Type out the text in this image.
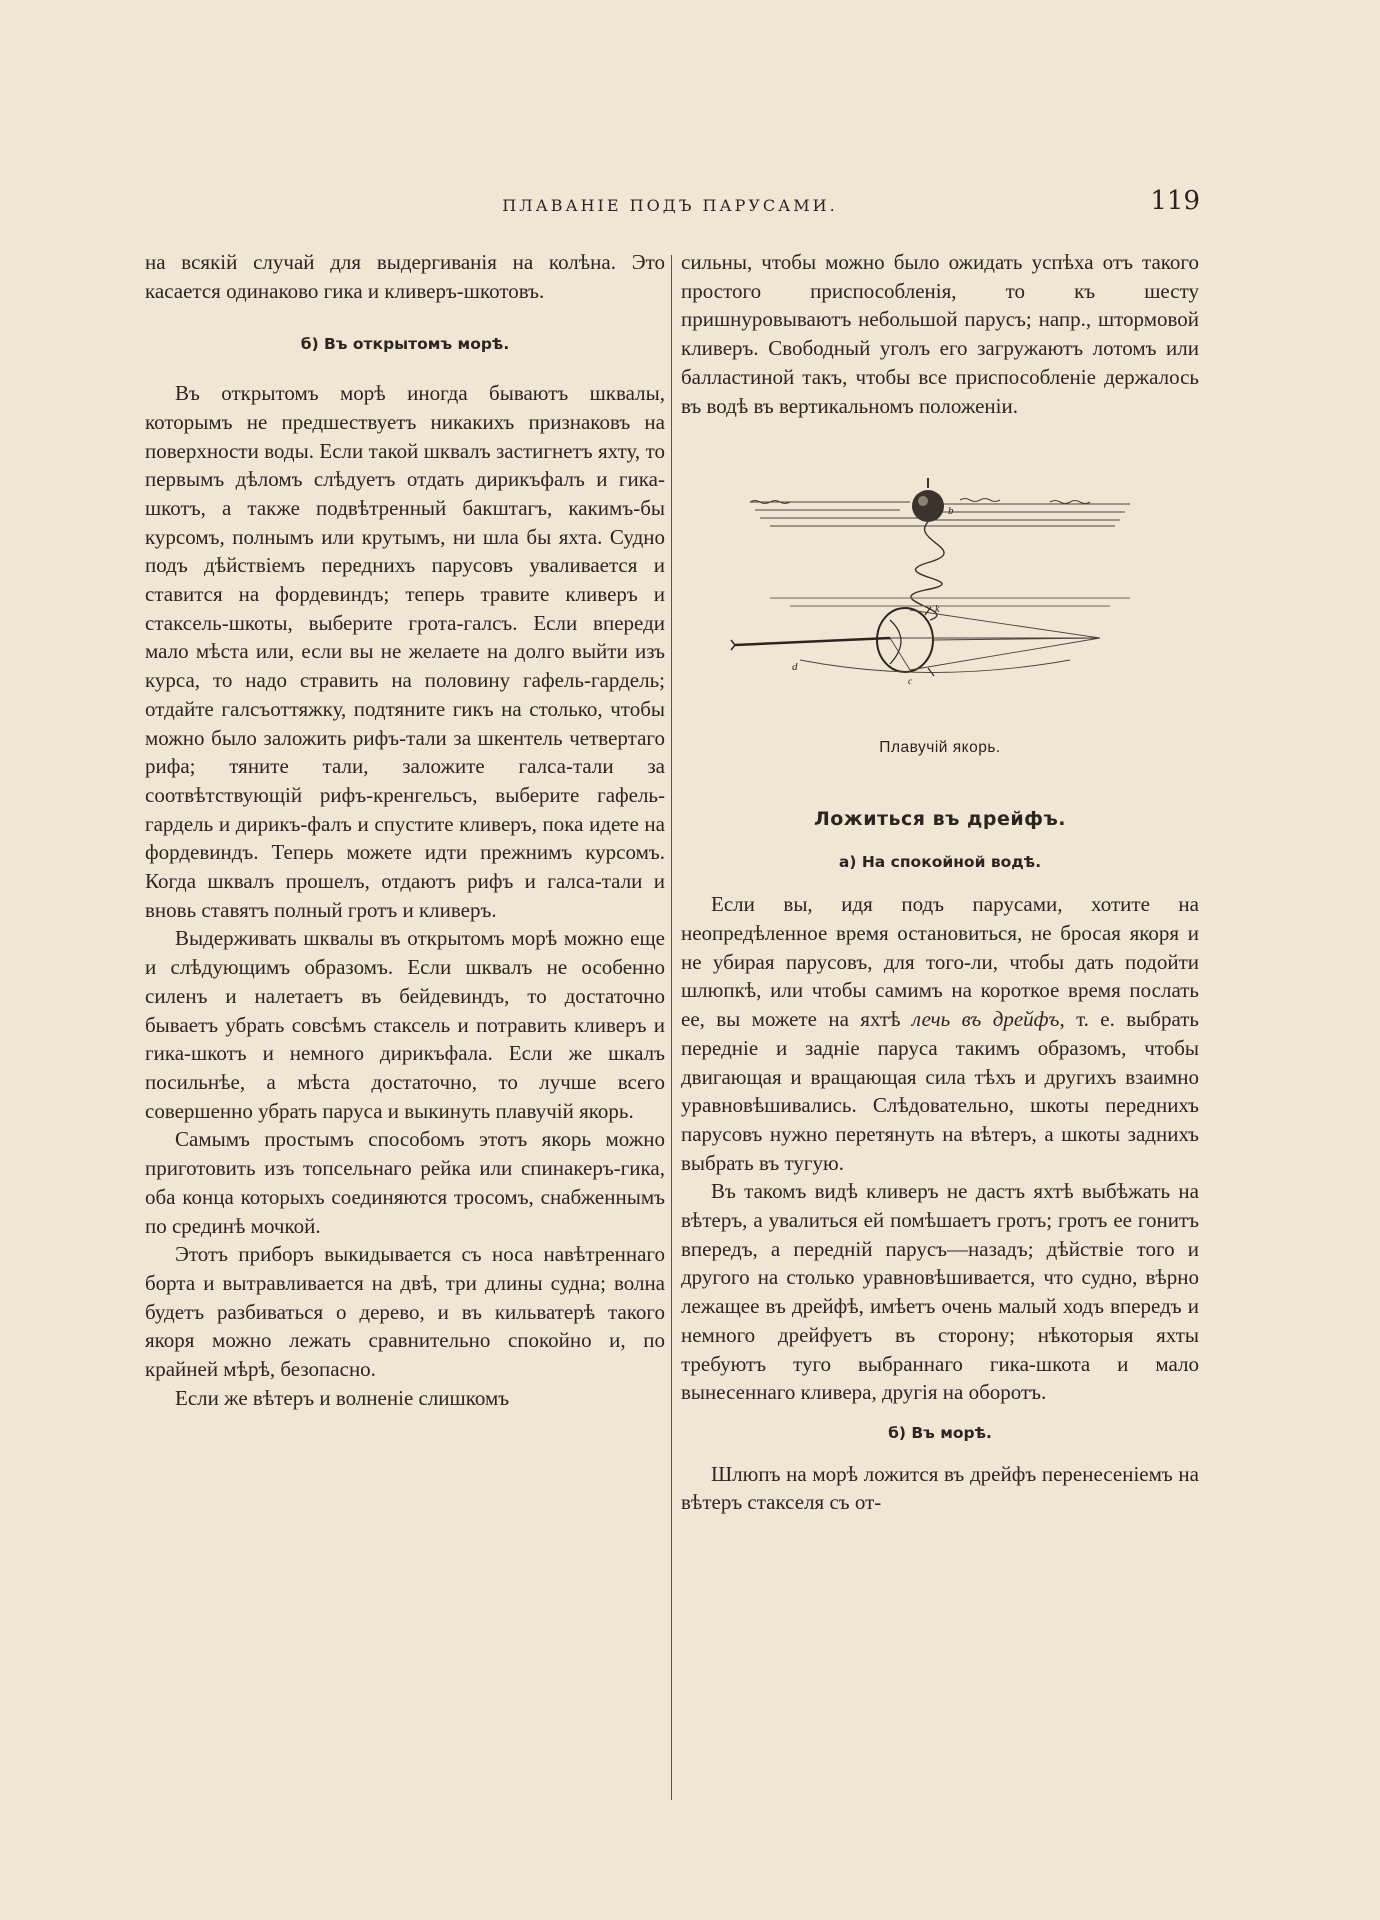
ПЛАВАНІЕ ПОДЪ ПАРУСАМИ.	119

на всякій случай для выдергиванія на колѣна. Это касается одинаково гика и кливеръ-шкотовъ.

б) Въ открытомъ морѣ.

Въ открытомъ морѣ иногда бываютъ шквалы, которымъ не предшествуетъ никакихъ признаковъ на поверхности воды. Если такой шквалъ застигнетъ яхту, то первымъ дѣломъ слѣдуетъ отдать дирикъфалъ и гика-шкотъ, а также подвѣтренный бакштагъ, какимъ-бы курсомъ, полнымъ или крутымъ, ни шла бы яхта. Судно подъ дѣйствіемъ переднихъ парусовъ уваливается и ставится на фордевиндъ; теперь травите кливеръ и стаксель-шкоты, выберите грота-галсъ. Если впереди мало мѣста или, если вы не желаете на долго выйти изъ курса, то надо стравить на половину гафель-гардель; отдайте галсъоттяжку, подтяните гикъ на столько, чтобы можно было заложить рифъ-тали за шкентель четвертаго рифа; тяните тали, заложите галса-тали за соотвѣтствующій рифъ-кренгельсъ, выберите гафель-гардель и дирикъ-фалъ и спустите кливеръ, пока идете на фордевиндъ. Теперь можете идти прежнимъ курсомъ. Когда шквалъ прошелъ, отдаютъ рифъ и галса-тали и вновь ставятъ полный гротъ и кливеръ.

Выдерживать шквалы въ открытомъ морѣ можно еще и слѣдующимъ образомъ. Если шквалъ не особенно силенъ и налетаетъ въ бейдевиндъ, то достаточно бываетъ убрать совсѣмъ стаксель и потравить кливеръ и гика-шкотъ и немного дирикъфала. Если же шкалъ посильнѣе, а мѣста достаточно, то лучше всего совершенно убрать паруса и выкинуть плавучій якорь.

Самымъ простымъ способомъ этотъ якорь можно приготовить изъ топсельнаго рейка или спинакеръ-гика, оба конца которыхъ соединяются тросомъ, снабженнымъ по срединѣ мочкой.

Этотъ приборъ выкидывается съ носа навѣтреннаго борта и вытравливается на двѣ, три длины судна; волна будетъ разбиваться о дерево, и въ кильватерѣ такого якоря можно лежать сравнительно спокойно и, по крайней мѣрѣ, безопасно.

Если же вѣтеръ и волненіе слишкомъ

сильны, чтобы можно было ожидать успѣха отъ такого простого приспособленія, то къ шесту пришнуровываютъ небольшой парусъ; напр., штормовой кливеръ. Свободный уголъ его загружаютъ лотомъ или балластиной такъ, чтобы все приспособленіе держалось въ водѣ въ вертикальномъ положеніи.

b
k
d
c
Плавучій якорь.
Ложиться въ дрейфъ.
а) На спокойной водѣ.

Если вы, идя подъ парусами, хотите на неопредѣленное время остановиться, не бросая якоря и не убирая парусовъ, для того-ли, чтобы дать подойти шлюпкѣ, или чтобы самимъ на короткое время послать ее, вы можете на яхтѣ лечь въ дрейфъ, т. е. выбрать передніе и задніе паруса такимъ образомъ, чтобы двигающая и вращающая сила тѣхъ и другихъ взаимно уравновѣшивались. Слѣдовательно, шкоты переднихъ парусовъ нужно перетянуть на вѣтеръ, а шкоты заднихъ выбрать въ тугую.

Въ такомъ видѣ кливеръ не дастъ яхтѣ выбѣжать на вѣтеръ, а увалиться ей помѣшаетъ гротъ; гротъ ее гонитъ впередъ, а передній парусъ—назадъ; дѣйствіе того и другого на столько уравновѣшивается, что судно, вѣрно лежащее въ дрейфѣ, имѣетъ очень малый ходъ впередъ и немного дрейфуетъ въ сторону; нѣкоторыя яхты требуютъ туго выбраннаго гика-шкота и мало вынесеннаго кливера, другія на оборотъ.

б) Въ морѣ.

Шлюпъ на морѣ ложится въ дрейфъ перенесеніемъ на вѣтеръ стакселя съ от-
